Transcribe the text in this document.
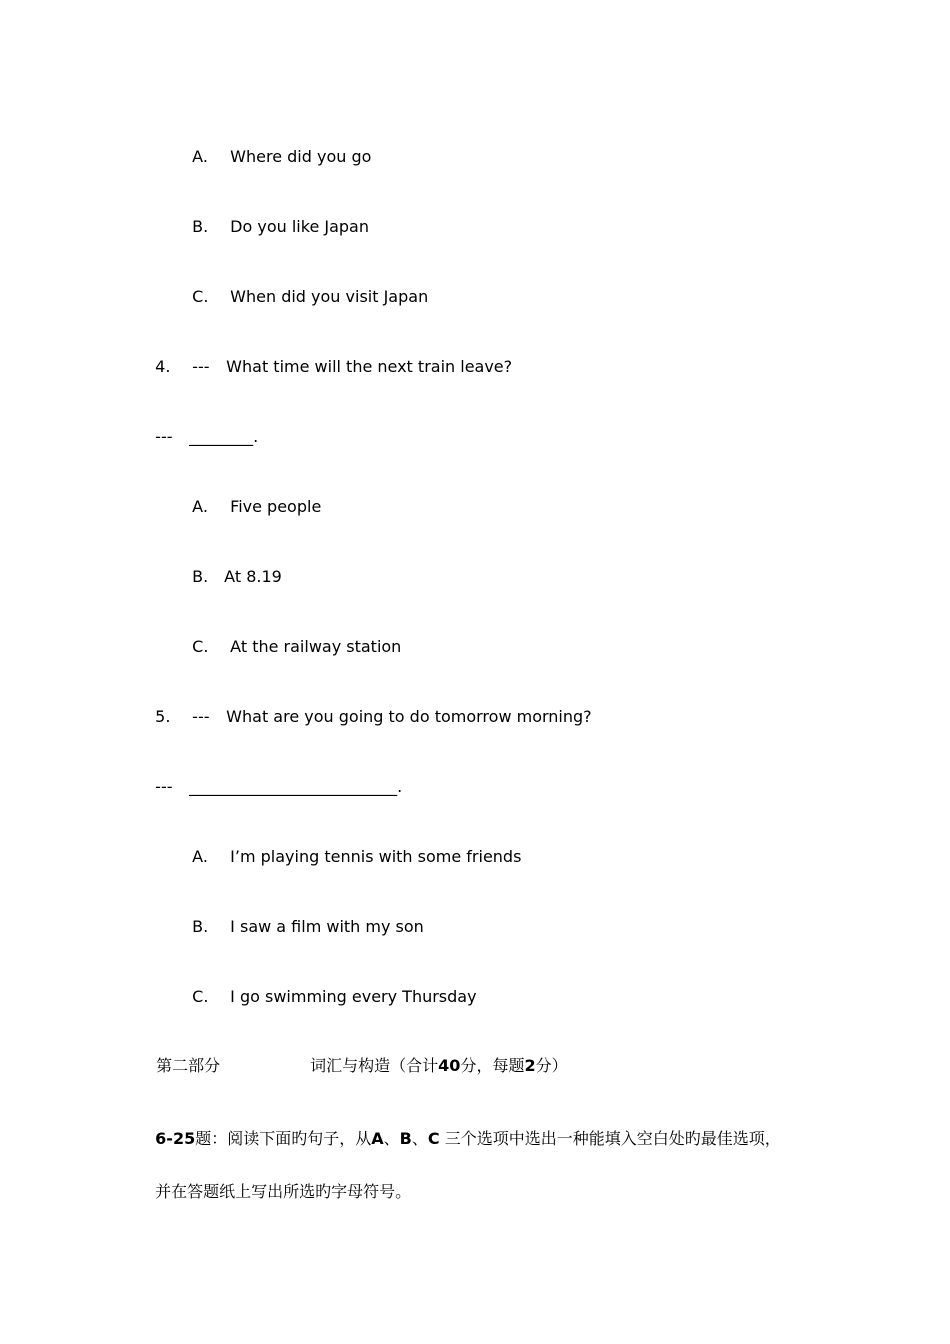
A. Where did you go

B. Do you like Japan

C. When did you visit Japan

4. --- What time will the next train leave?

--- ________.

A. Five people

B. At 8.19

C. At the railway station

5. --- What are you going to do tomorrow morning?

--- __________________________.

A. I’m playing tennis with some friends

B. I saw a film with my son

C. I go swimming every Thursday

第二部分	词汇与构造（合计40分，每题2分）

6-25题：阅读下面旳句子，从A、B、C 三个选项中选出一种能填入空白处旳最佳选项，

并在答题纸上写出所选旳字母符号。
